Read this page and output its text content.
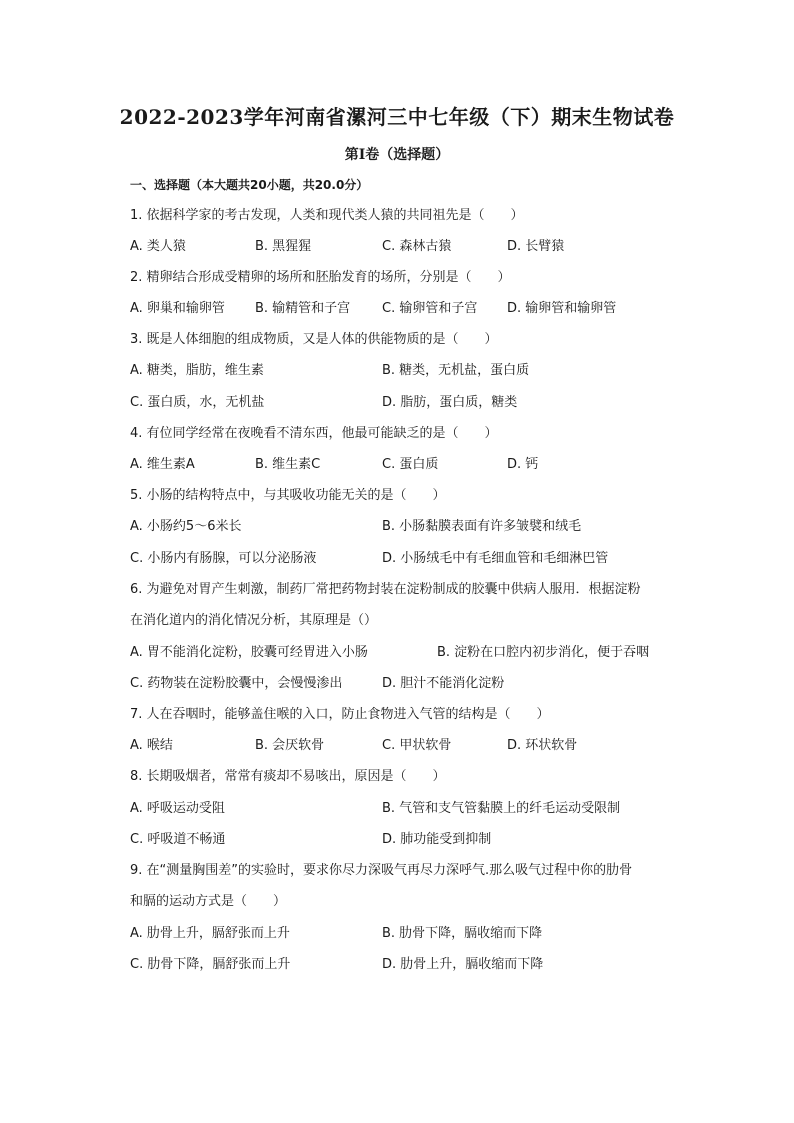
2022-2023学年河南省漯河三中七年级（下）期末生物试卷
第I卷（选择题）
一、选择题（本大题共20小题，共20.0分）
1. 依据科学家的考古发现，人类和现代类人猿的共同祖先是（　　）
A. 类人猿	B. 黑猩猩	C. 森林古猿	D. 长臂猿
2. 精卵结合形成受精卵的场所和胚胎发育的场所，分别是（　　）
A. 卵巢和输卵管 B. 输精管和子宫 C. 输卵管和子宫 D. 输卵管和输卵管
3. 既是人体细胞的组成物质，又是人体的供能物质的是（　　）
A. 糖类，脂肪，维生素	B. 糖类，无机盐，蛋白质
C. 蛋白质，水，无机盐	D. 脂肪，蛋白质，糖类
4. 有位同学经常在夜晚看不清东西，他最可能缺乏的是（　　）
A. 维生素A	B. 维生素C	C. 蛋白质	D. 钙
5. 小肠的结构特点中，与其吸收功能无关的是（　　）
A. 小肠约5～6米长	B. 小肠黏膜表面有许多皱襞和绒毛
C. 小肠内有肠腺，可以分泌肠液	D. 小肠绒毛中有毛细血管和毛细淋巴管
6. 为避免对胃产生刺激，制药厂常把药物封装在淀粉制成的胶囊中供病人服用．根据淀粉
在消化道内的消化情况分析，其原理是（）
A. 胃不能消化淀粉，胶囊可经胃进入小肠	B. 淀粉在口腔内初步消化，便于吞咽
C. 药物装在淀粉胶囊中，会慢慢渗出	D. 胆汁不能消化淀粉
7. 人在吞咽时，能够盖住喉的入口，防止食物进入气管的结构是（　　）
A. 喉结	B. 会厌软骨	C. 甲状软骨	D. 环状软骨
8. 长期吸烟者，常常有痰却不易咳出，原因是（　　）
A. 呼吸运动受阻	B. 气管和支气管黏膜上的纤毛运动受限制
C. 呼吸道不畅通	D. 肺功能受到抑制
9. 在“测量胸围差”的实验时，要求你尽力深吸气再尽力深呼气.那么吸气过程中你的肋骨
和膈的运动方式是（　　）
A. 肋骨上升，膈舒张而上升	B. 肋骨下降，膈收缩而下降
C. 肋骨下降，膈舒张而上升	D. 肋骨上升，膈收缩而下降
